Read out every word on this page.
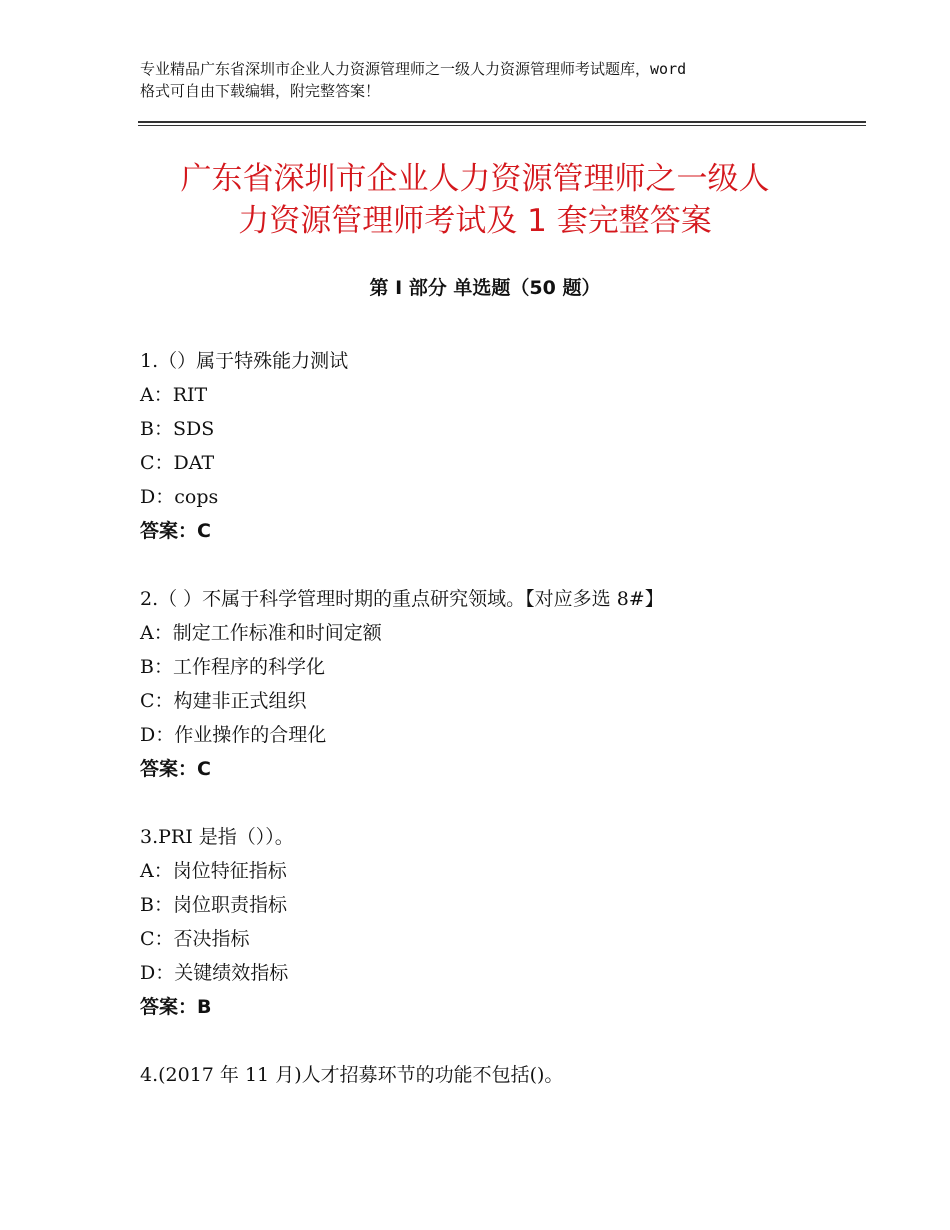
专业精品广东省深圳市企业人力资源管理师之一级人力资源管理师考试题库，word
格式可自由下载编辑，附完整答案！
广东省深圳市企业人力资源管理师之一级人
力资源管理师考试及 1 套完整答案
第 I 部分 单选题（50 题）
1.（）属于特殊能力测试
A：RIT
B：SDS
C：DAT
D：cops
答案：C
2.（ ）不属于科学管理时期的重点研究领域。【对应多选 8#】
A：制定工作标准和时间定额
B：工作程序的科学化
C：构建非正式组织
D：作业操作的合理化
答案：C
3.PRI 是指（））。
A：岗位特征指标
B：岗位职责指标
C：否决指标
D：关键绩效指标
答案：B
4.(2017 年 11 月)人才招募环节的功能不包括()。
